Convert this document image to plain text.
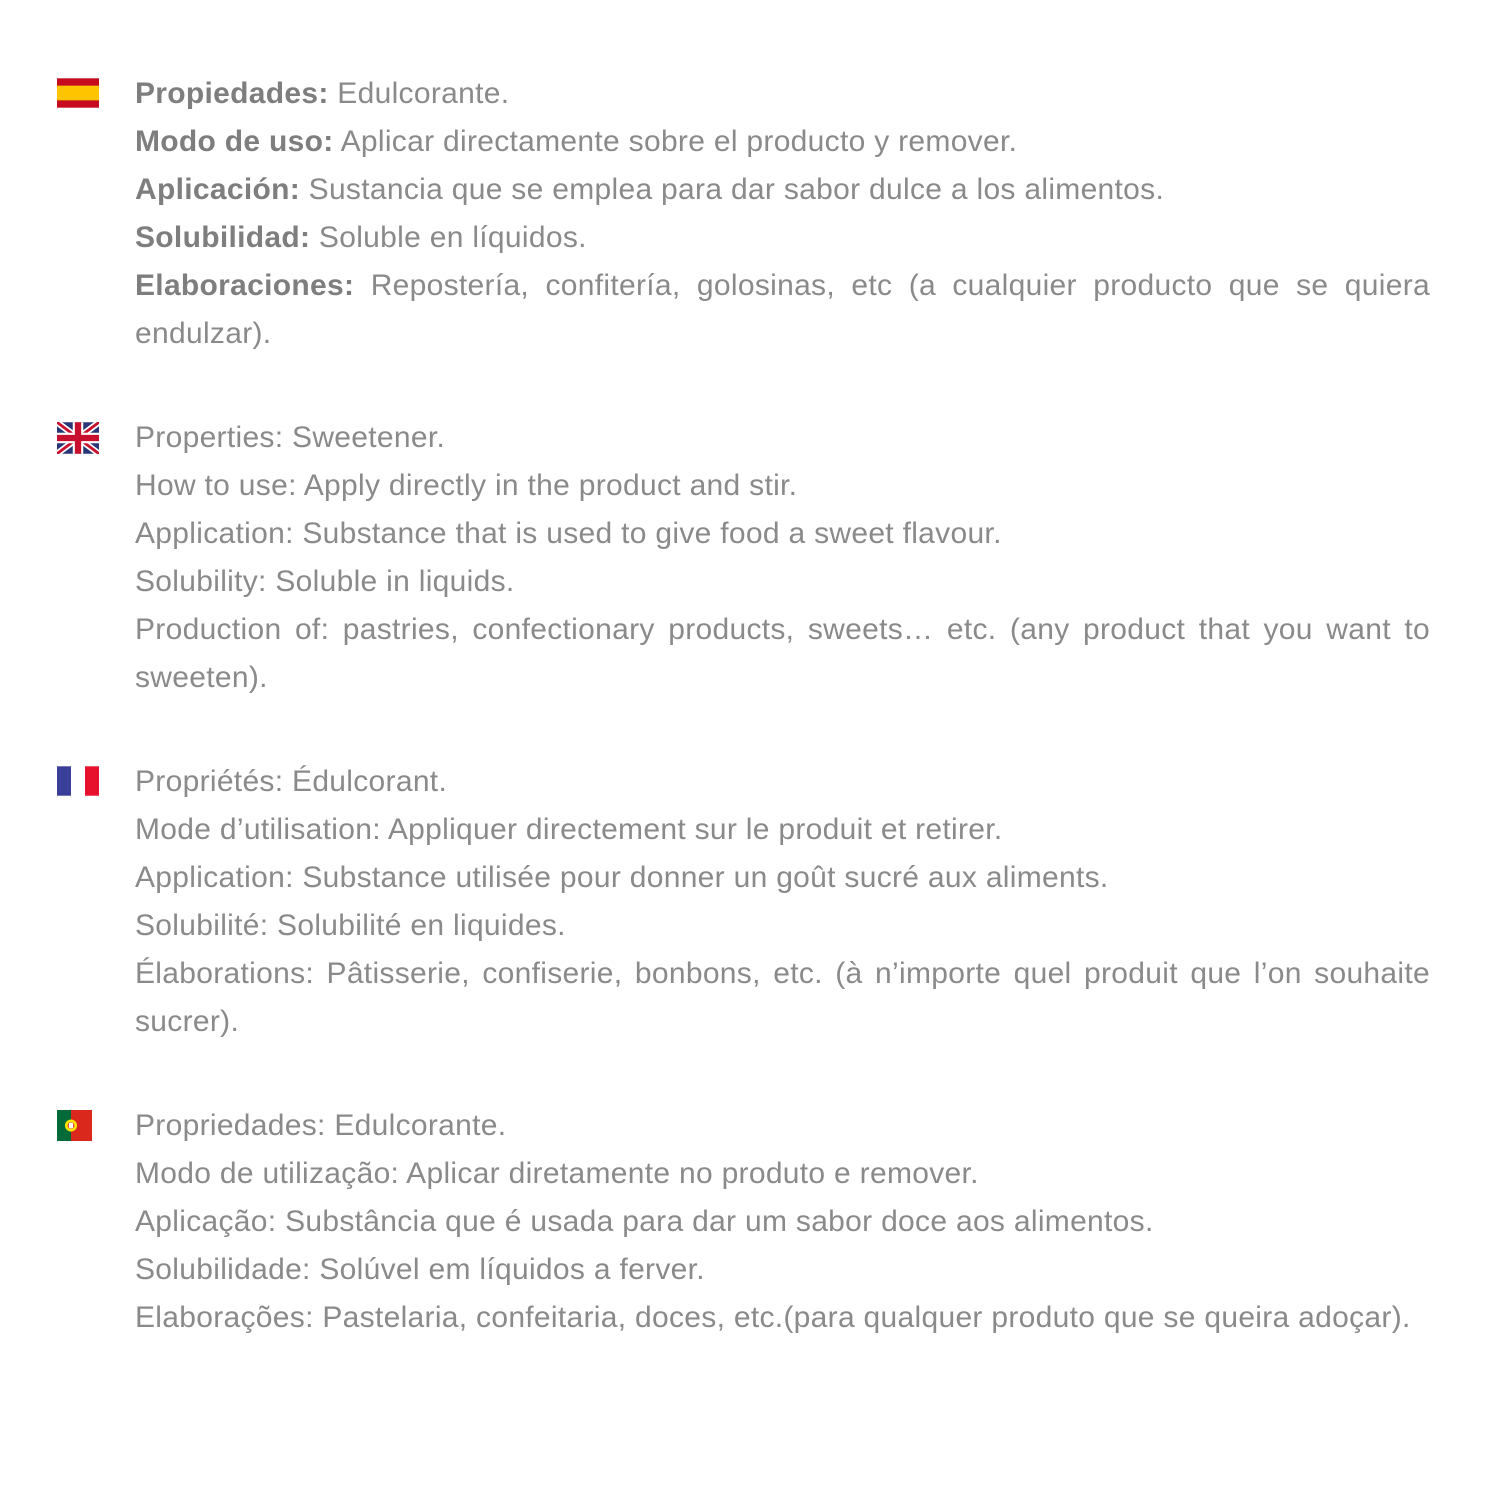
Propiedades: Edulcorante.

Modo de uso: Aplicar directamente sobre el producto y remover.

Aplicación: Sustancia que se emplea para dar sabor dulce a los alimentos.

Solubilidad: Soluble en líquidos.

Elaboraciones: Repostería, confitería, golosinas, etc (a cualquier producto que se quiera endulzar).

Properties: Sweetener.

How to use: Apply directly in the product and stir.

Application: Substance that is used to give food a sweet flavour.

Solubility: Soluble in liquids.

Production of: pastries, confectionary products, sweets… etc. (any product that you want to sweeten).

Propriétés: Édulcorant.

Mode d’utilisation: Appliquer directement sur le produit et retirer.

Application: Substance utilisée pour donner un goût sucré aux aliments.

Solubilité: Solubilité en liquides.

Élaborations: Pâtisserie, confiserie, bonbons, etc. (à n’importe quel produit que l’on souhaite sucrer).

Propriedades: Edulcorante.

Modo de utilização: Aplicar diretamente no produto e remover.

Aplicação: Substância que é usada para dar um sabor doce aos alimentos.

Solubilidade: Solúvel em líquidos a ferver.

Elaborações: Pastelaria, confeitaria, doces, etc.(para qualquer produto que se queira adoçar).
